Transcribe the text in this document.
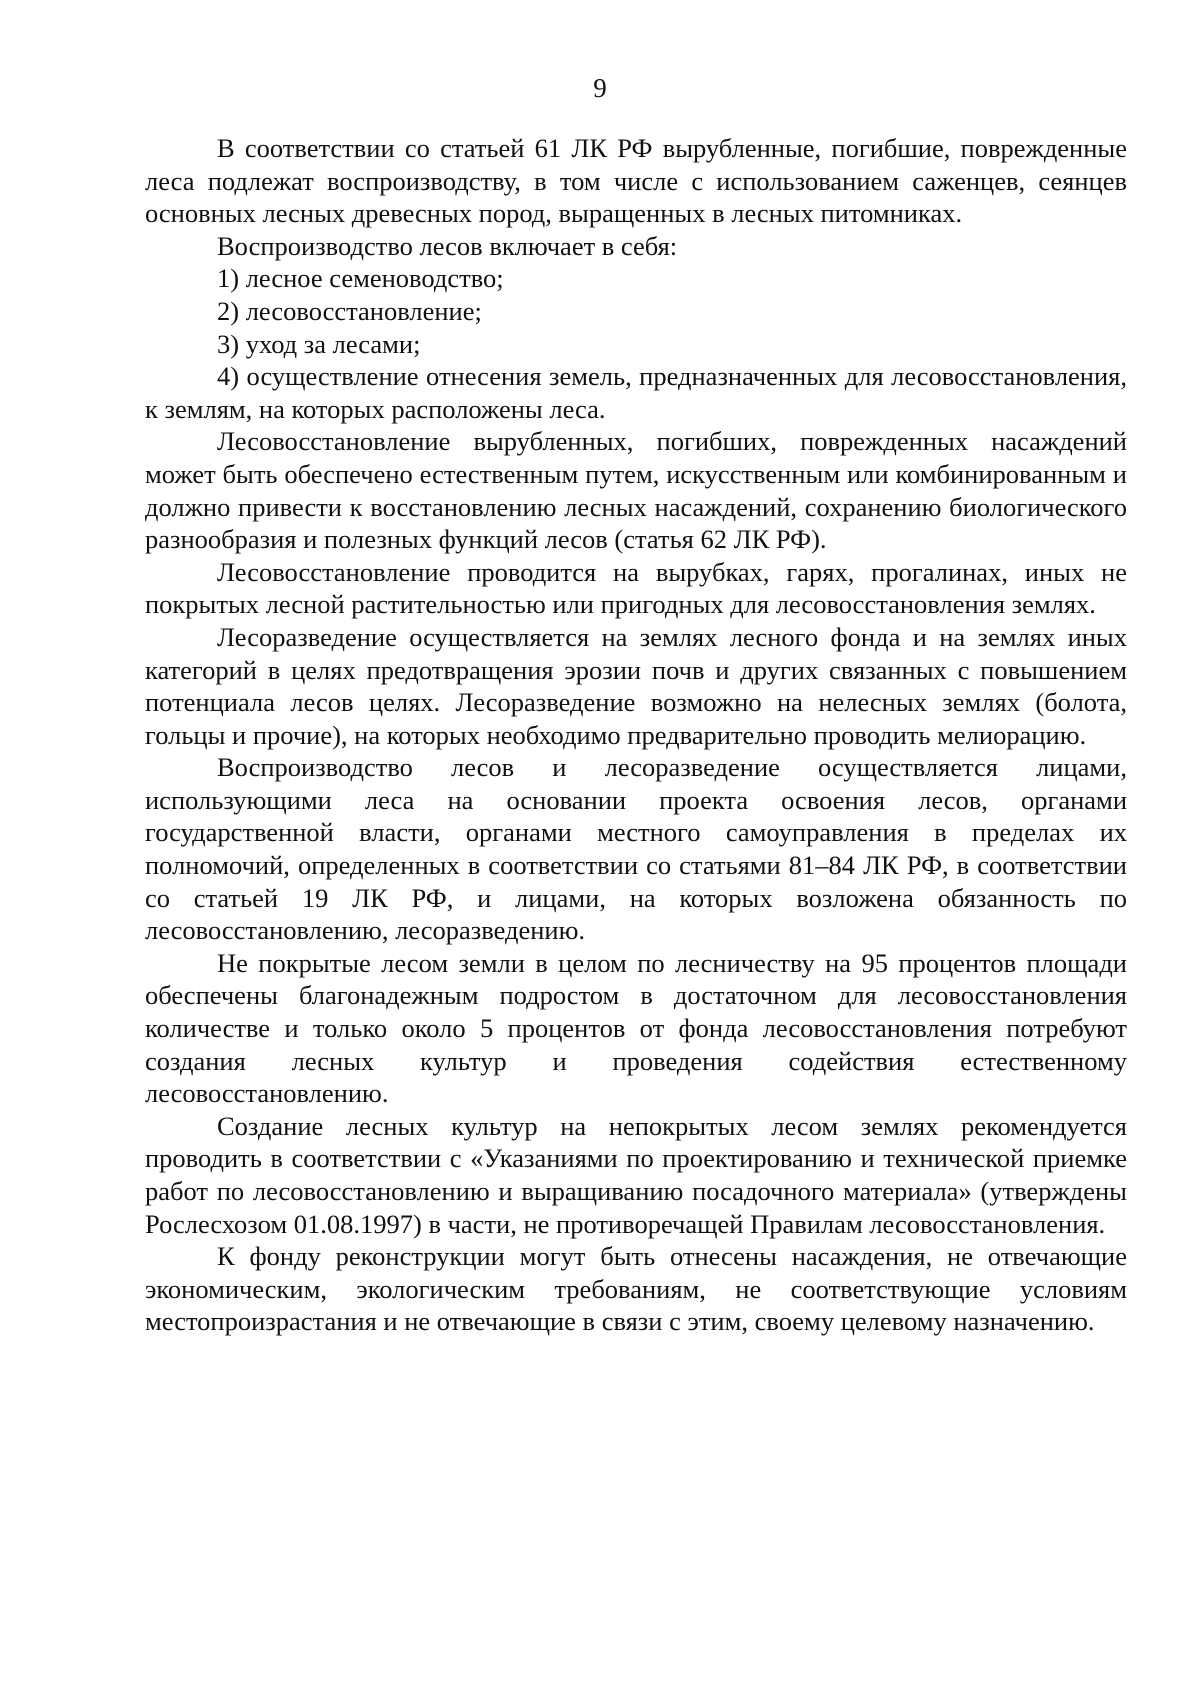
9

В соответствии со статьей 61 ЛК РФ вырубленные, погибшие, поврежденные леса подлежат воспроизводству, в том числе с использованием саженцев, сеянцев основных лесных древесных пород, выращенных в лесных питомниках.

Воспроизводство лесов включает в себя:

1) лесное семеноводство;

2) лесовосстановление;

3) уход за лесами;

4) осуществление отнесения земель, предназначенных для лесовосстановления, к землям, на которых расположены леса.

Лесовосстановление вырубленных, погибших, поврежденных насаждений может быть обеспечено естественным путем, искусственным или комбинированным и должно привести к восстановлению лесных насаждений, сохранению биологического разнообразия и полезных функций лесов (статья 62 ЛК РФ).

Лесовосстановление проводится на вырубках, гарях, прогалинах, иных не покрытых лесной растительностью или пригодных для лесовосстановления землях.

Лесоразведение осуществляется на землях лесного фонда и на землях иных категорий в целях предотвращения эрозии почв и других связанных с повышением потенциала лесов целях. Лесоразведение возможно на нелесных землях (болота, гольцы и прочие), на которых необходимо предварительно проводить мелиорацию.

Воспроизводство лесов и лесоразведение осуществляется лицами, использующими леса на основании проекта освоения лесов, органами государственной власти, органами местного самоуправления в пределах их полномочий, определенных в соответствии со статьями 81–84 ЛК РФ, в соответствии со статьей 19 ЛК РФ, и лицами, на которых возложена обязанность по лесовосстановлению, лесоразведению.

Не покрытые лесом земли в целом по лесничеству на 95 процентов площади обеспечены благонадежным подростом в достаточном для лесовосстановления количестве и только около 5 процентов от фонда лесовосстановления потребуют создания лесных культур и проведения содействия естественному лесовосстановлению.

Создание лесных культур на непокрытых лесом землях рекомендуется проводить в соответствии с «Указаниями по проектированию и технической приемке работ по лесовосстановлению и выращиванию посадочного материала» (утверждены Рослесхозом 01.08.1997) в части, не противоречащей Правилам лесовосстановления.

К фонду реконструкции могут быть отнесены насаждения, не отвечающие экономическим, экологическим требованиям, не соответствующие условиям местопроизрастания и не отвечающие в связи с этим, своему целевому назначению.
